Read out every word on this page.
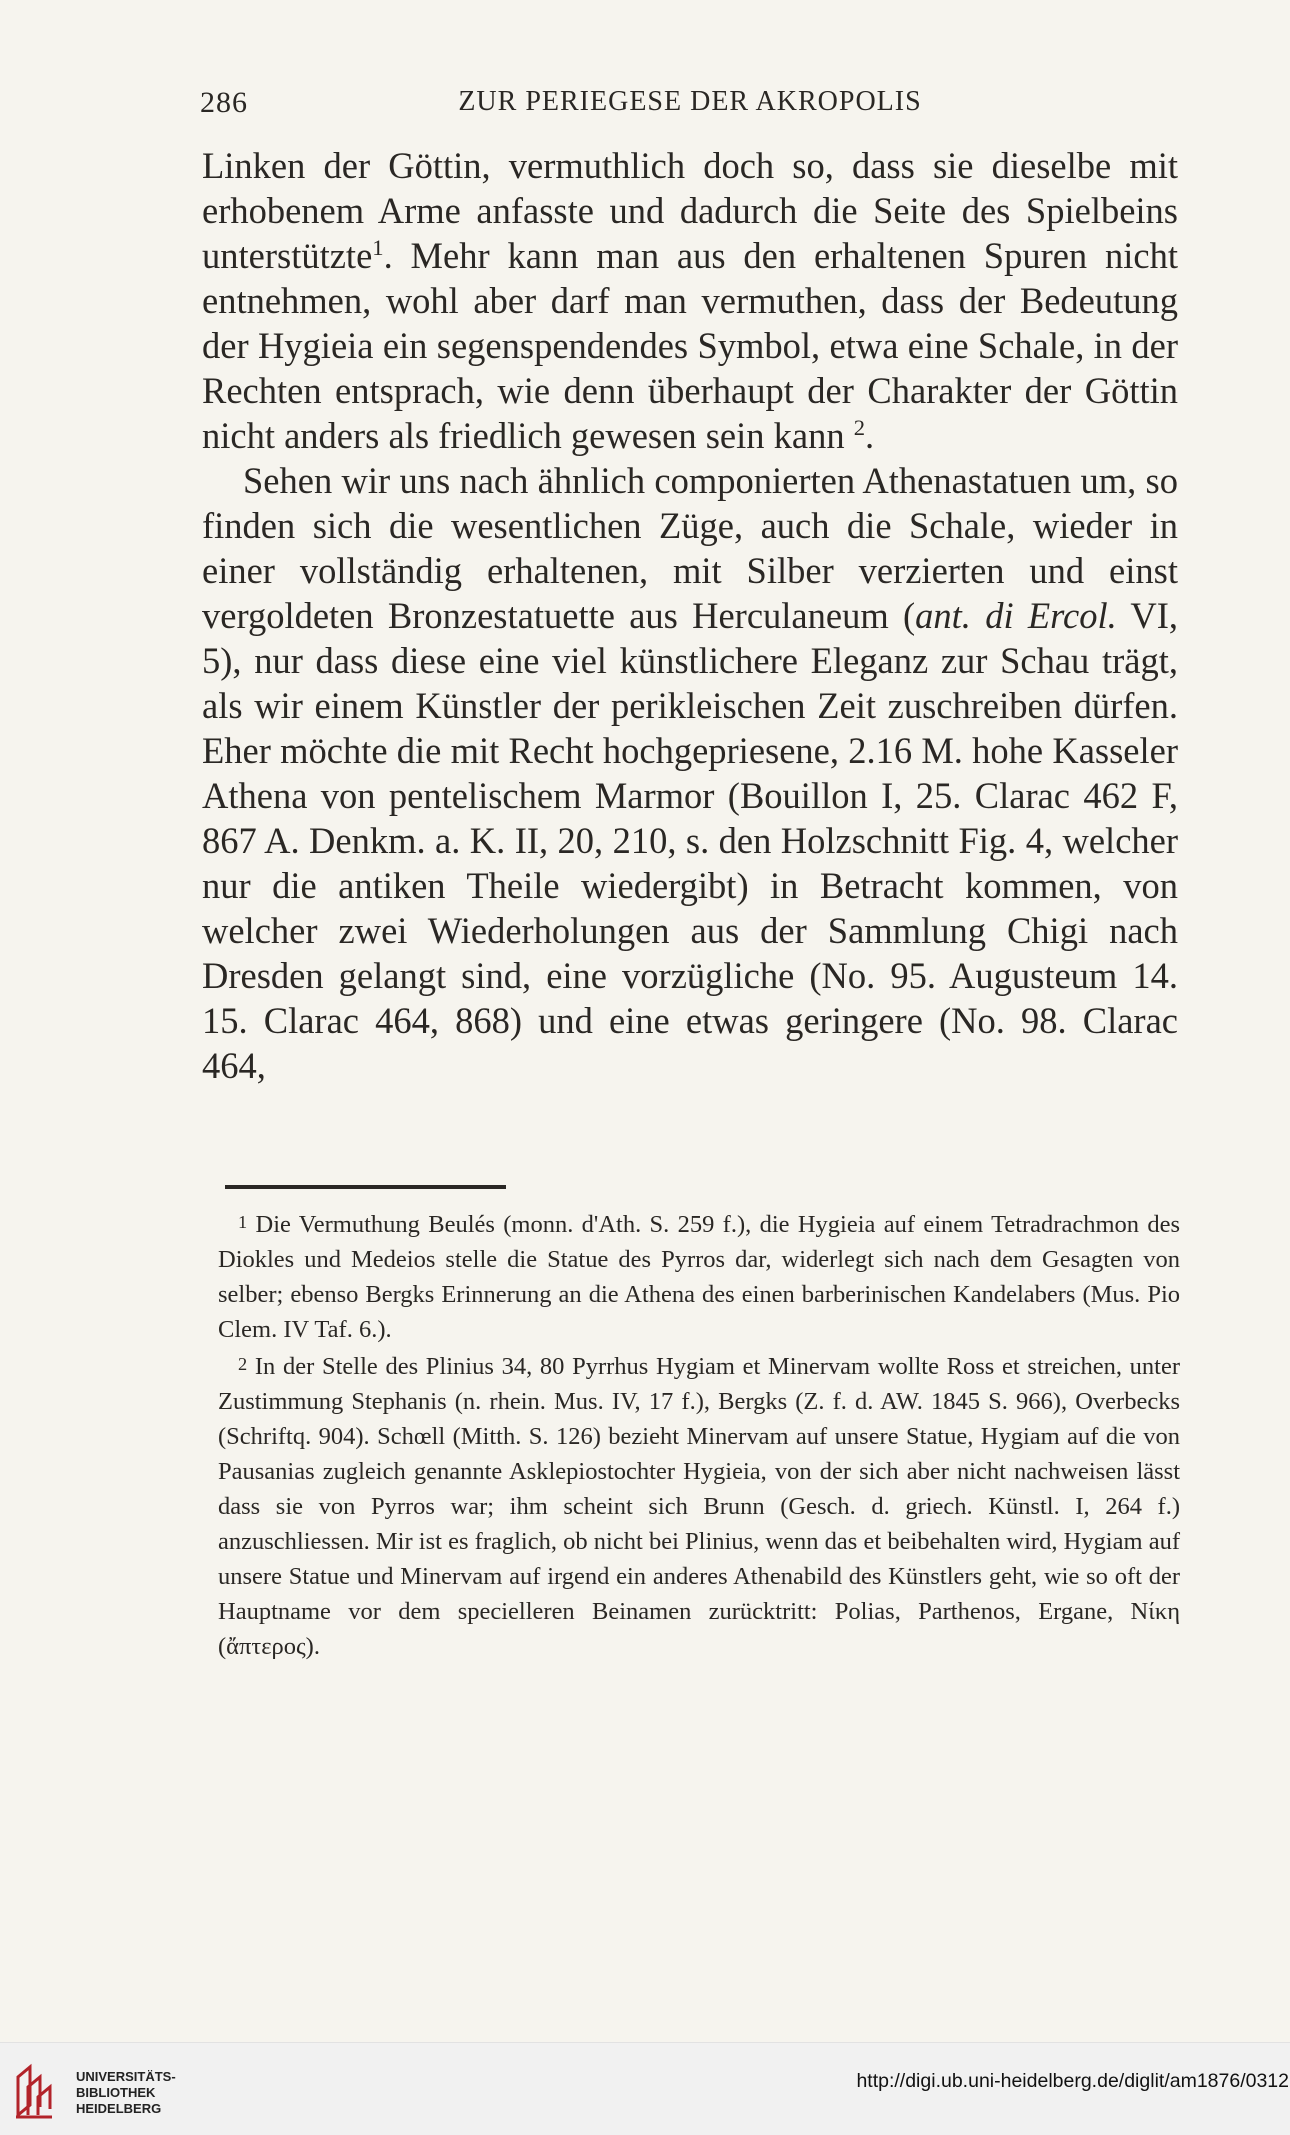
286	ZUR PERIEGESE DER AKROPOLIS

Linken der Göttin, vermuthlich doch so, dass sie dieselbe mit erhobenem Arme anfasste und dadurch die Seite des Spielbeins unterstützte$^1$. Mehr kann man aus den erhaltenen Spuren nicht entnehmen, wohl aber darf man vermuthen, dass der Bedeutung der Hygieia ein segenspendendes Symbol, etwa eine Schale, in der Rechten entsprach, wie denn überhaupt der Charakter der Göttin nicht anders als friedlich gewesen sein kann $^2$.

Sehen wir uns nach ähnlich componierten Athenastatuen um, so finden sich die wesentlichen Züge, auch die Schale, wieder in einer vollständig erhaltenen, mit Silber verzierten und einst vergoldeten Bronzestatuette aus Herculaneum (ant. di Ercol. VI, 5), nur dass diese eine viel künstlichere Eleganz zur Schau trägt, als wir einem Künstler der perikleischen Zeit zuschreiben dürfen. Eher möchte die mit Recht hochgepriesene, 2.16 M. hohe Kasseler Athena von pentelischem Marmor (Bouillon I, 25. Clarac 462 F, 867 A. Denkm. a. K. II, 20, 210, s. den Holzschnitt Fig. 4, welcher nur die antiken Theile wiedergibt) in Betracht kommen, von welcher zwei Wiederholungen aus der Sammlung Chigi nach Dresden gelangt sind, eine vorzügliche (No. 95. Augusteum 14. 15. Clarac 464, 868) und eine etwas geringere (No. 98. Clarac 464,

1 Die Vermuthung Beulés (monn. d'Ath. S. 259 f.), die Hygieia auf einem Tetradrachmon des Diokles und Medeios stelle die Statue des Pyrros dar, widerlegt sich nach dem Gesagten von selber; ebenso Bergks Erinnerung an die Athena des einen barberinischen Kandelabers (Mus. Pio Clem. IV Taf. 6.).

2 In der Stelle des Plinius 34, 80 Pyrrhus Hygiam et Minervam wollte Ross et streichen, unter Zustimmung Stephanis (n. rhein. Mus. IV, 17 f.), Bergks (Z. f. d. AW. 1845 S. 966), Overbecks (Schriftq. 904). Schœll (Mitth. S. 126) bezieht Minervam auf unsere Statue, Hygiam auf die von Pausanias zugleich genannte Asklepiostochter Hygieia, von der sich aber nicht nachweisen lässt dass sie von Pyrros war; ihm scheint sich Brunn (Gesch. d. griech. Künstl. I, 264 f.) anzuschliessen. Mir ist es fraglich, ob nicht bei Plinius, wenn das et beibehalten wird, Hygiam auf unsere Statue und Minervam auf irgend ein anderes Athenabild des Künstlers geht, wie so oft der Hauptname vor dem specielleren Beinamen zurücktritt: Polias, Parthenos, Ergane, Νίκη (ἄπτερος).

UNIVERSITÄTS-
BIBLIOTHEK
HEIDELBERG
http://digi.ub.uni-heidelberg.de/diglit/am1876/0312
